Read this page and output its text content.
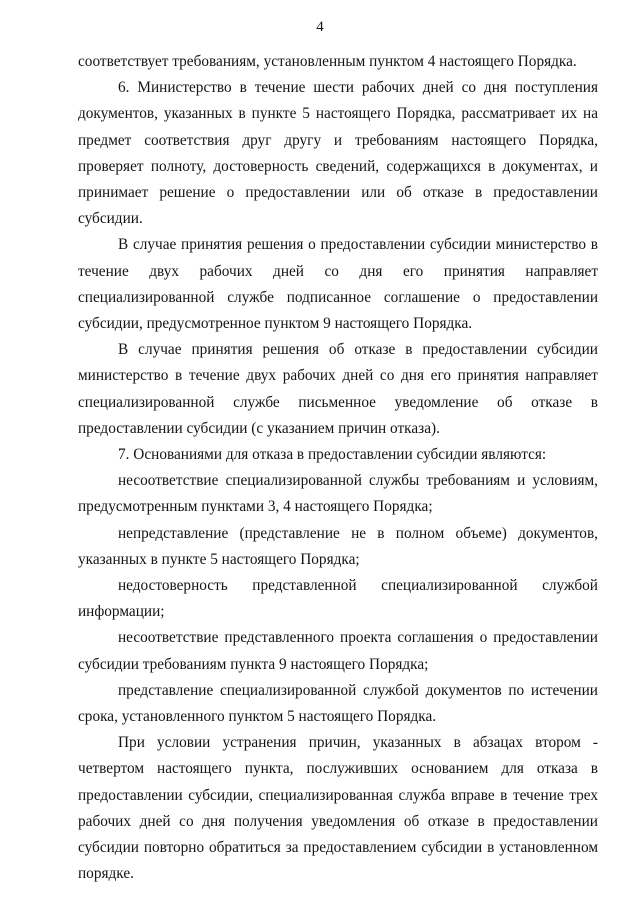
4

соответствует требованиям, установленным пунктом 4 настоящего Порядка.

6. Министерство в течение шести рабочих дней со дня поступления документов, указанных в пункте 5 настоящего Порядка, рассматривает их на предмет соответствия друг другу и требованиям настоящего Порядка, проверяет полноту, достоверность сведений, содержащихся в документах, и принимает решение о предоставлении или об отказе в предоставлении субсидии.

В случае принятия решения о предоставлении субсидии министерство в течение двух рабочих дней со дня его принятия направляет специализированной службе подписанное соглашение о предоставлении субсидии, предусмотренное пунктом 9 настоящего Порядка.

В случае принятия решения об отказе в предоставлении субсидии министерство в течение двух рабочих дней со дня его принятия направляет специализированной службе письменное уведомление об отказе в предоставлении субсидии (с указанием причин отказа).

7. Основаниями для отказа в предоставлении субсидии являются:

несоответствие специализированной службы требованиям и условиям, предусмотренным пунктами 3, 4 настоящего Порядка;

непредставление (представление не в полном объеме) документов, указанных в пункте 5 настоящего Порядка;

недостоверность представленной специализированной службой информации;

несоответствие представленного проекта соглашения о предоставлении субсидии требованиям пункта 9 настоящего Порядка;

представление специализированной службой документов по истечении срока, установленного пунктом 5 настоящего Порядка.

При условии устранения причин, указанных в абзацах втором - четвертом настоящего пункта, послуживших основанием для отказа в предоставлении субсидии, специализированная служба вправе в течение трех рабочих дней со дня получения уведомления об отказе в предоставлении субсидии повторно обратиться за предоставлением субсидии в установленном порядке.
